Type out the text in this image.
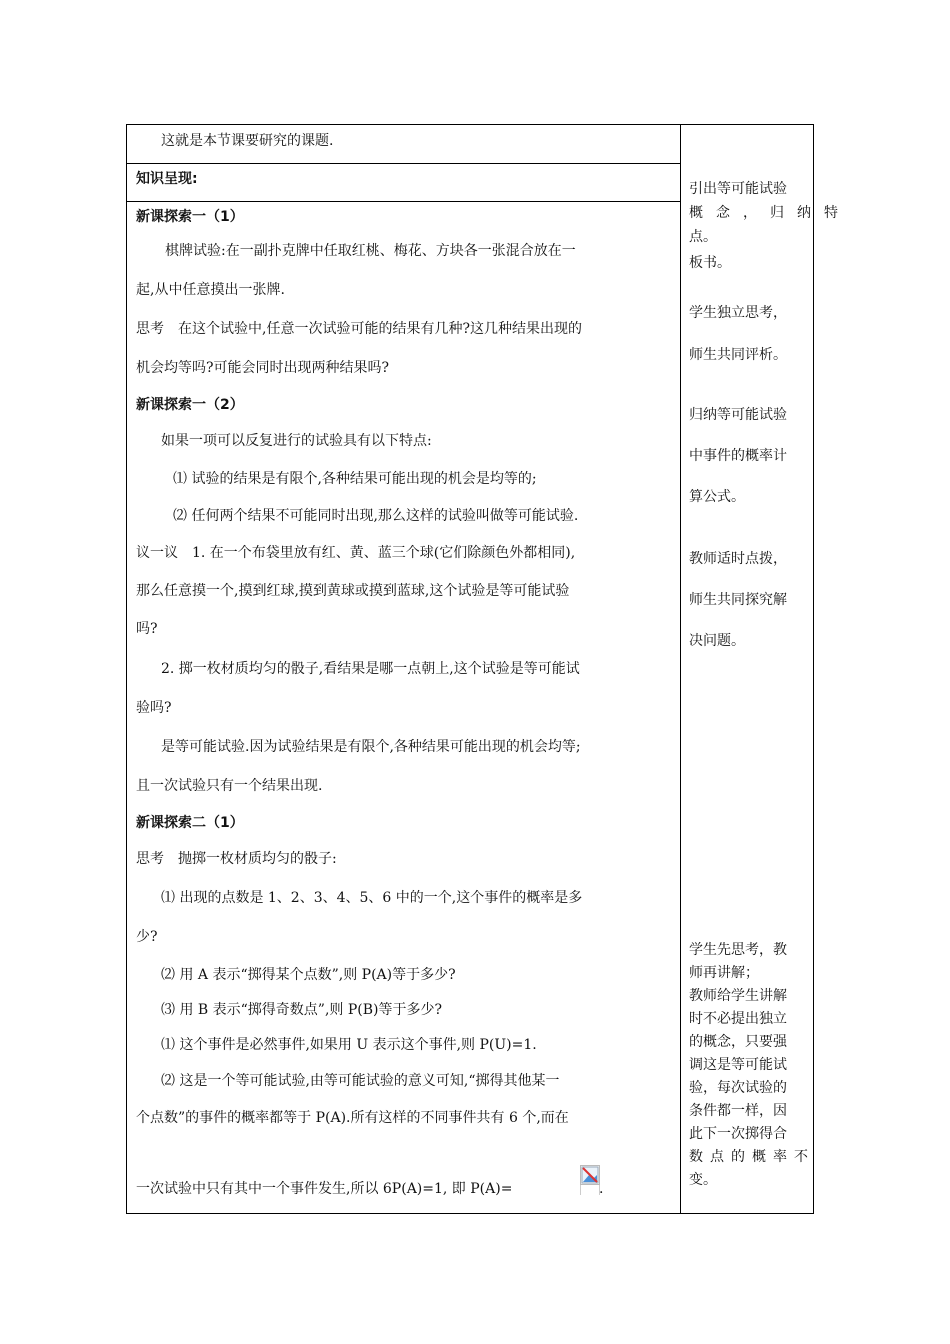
这就是本节课要研究的课题.
知识呈现:
新课探索一（1）
棋牌试验:在一副扑克牌中任取红桃、梅花、方块各一张混合放在一
起,从中任意摸出一张牌.
思考　在这个试验中,任意一次试验可能的结果有几种?这几种结果出现的
机会均等吗?可能会同时出现两种结果吗?
新课探索一（2）
如果一项可以反复进行的试验具有以下特点:
⑴ 试验的结果是有限个,各种结果可能出现的机会是均等的;
⑵ 任何两个结果不可能同时出现,那么这样的试验叫做等可能试验.
议一议　1. 在一个布袋里放有红、黄、蓝三个球(它们除颜色外都相同),
那么任意摸一个,摸到红球,摸到黄球或摸到蓝球,这个试验是等可能试验
吗?
2. 掷一枚材质均匀的骰子,看结果是哪一点朝上,这个试验是等可能试
验吗?
是等可能试验.因为试验结果是有限个,各种结果可能出现的机会均等;
且一次试验只有一个结果出现.
新课探索二（1）
思考　抛掷一枚材质均匀的骰子:
⑴ 出现的点数是 1、2、3、4、5、6 中的一个,这个事件的概率是多
少?
⑵ 用 A 表示“掷得某个点数”,则 P(A)等于多少?
⑶ 用 B 表示“掷得奇数点”,则 P(B)等于多少?
⑴ 这个事件是必然事件,如果用 U 表示这个事件,则 P(U)=1.
⑵ 这是一个等可能试验,由等可能试验的意义可知,“掷得其他某一
个点数”的事件的概率都等于 P(A).所有这样的不同事件共有 6 个,而在
一次试验中只有其中一个事件发生,所以 6P(A)=1, 即 P(A)=	.
引出等可能试验
概念，归纳特
点。
板书。
学生独立思考，
师生共同评析。
归纳等可能试验
中事件的概率计
算公式。
教师适时点拨，
师生共同探究解
决问题。
学生先思考，教
师再讲解；
教师给学生讲解
时不必提出独立
的概念，只要强
调这是等可能试
验，每次试验的
条件都一样，因
此下一次掷得合
数点的概率不
变。
